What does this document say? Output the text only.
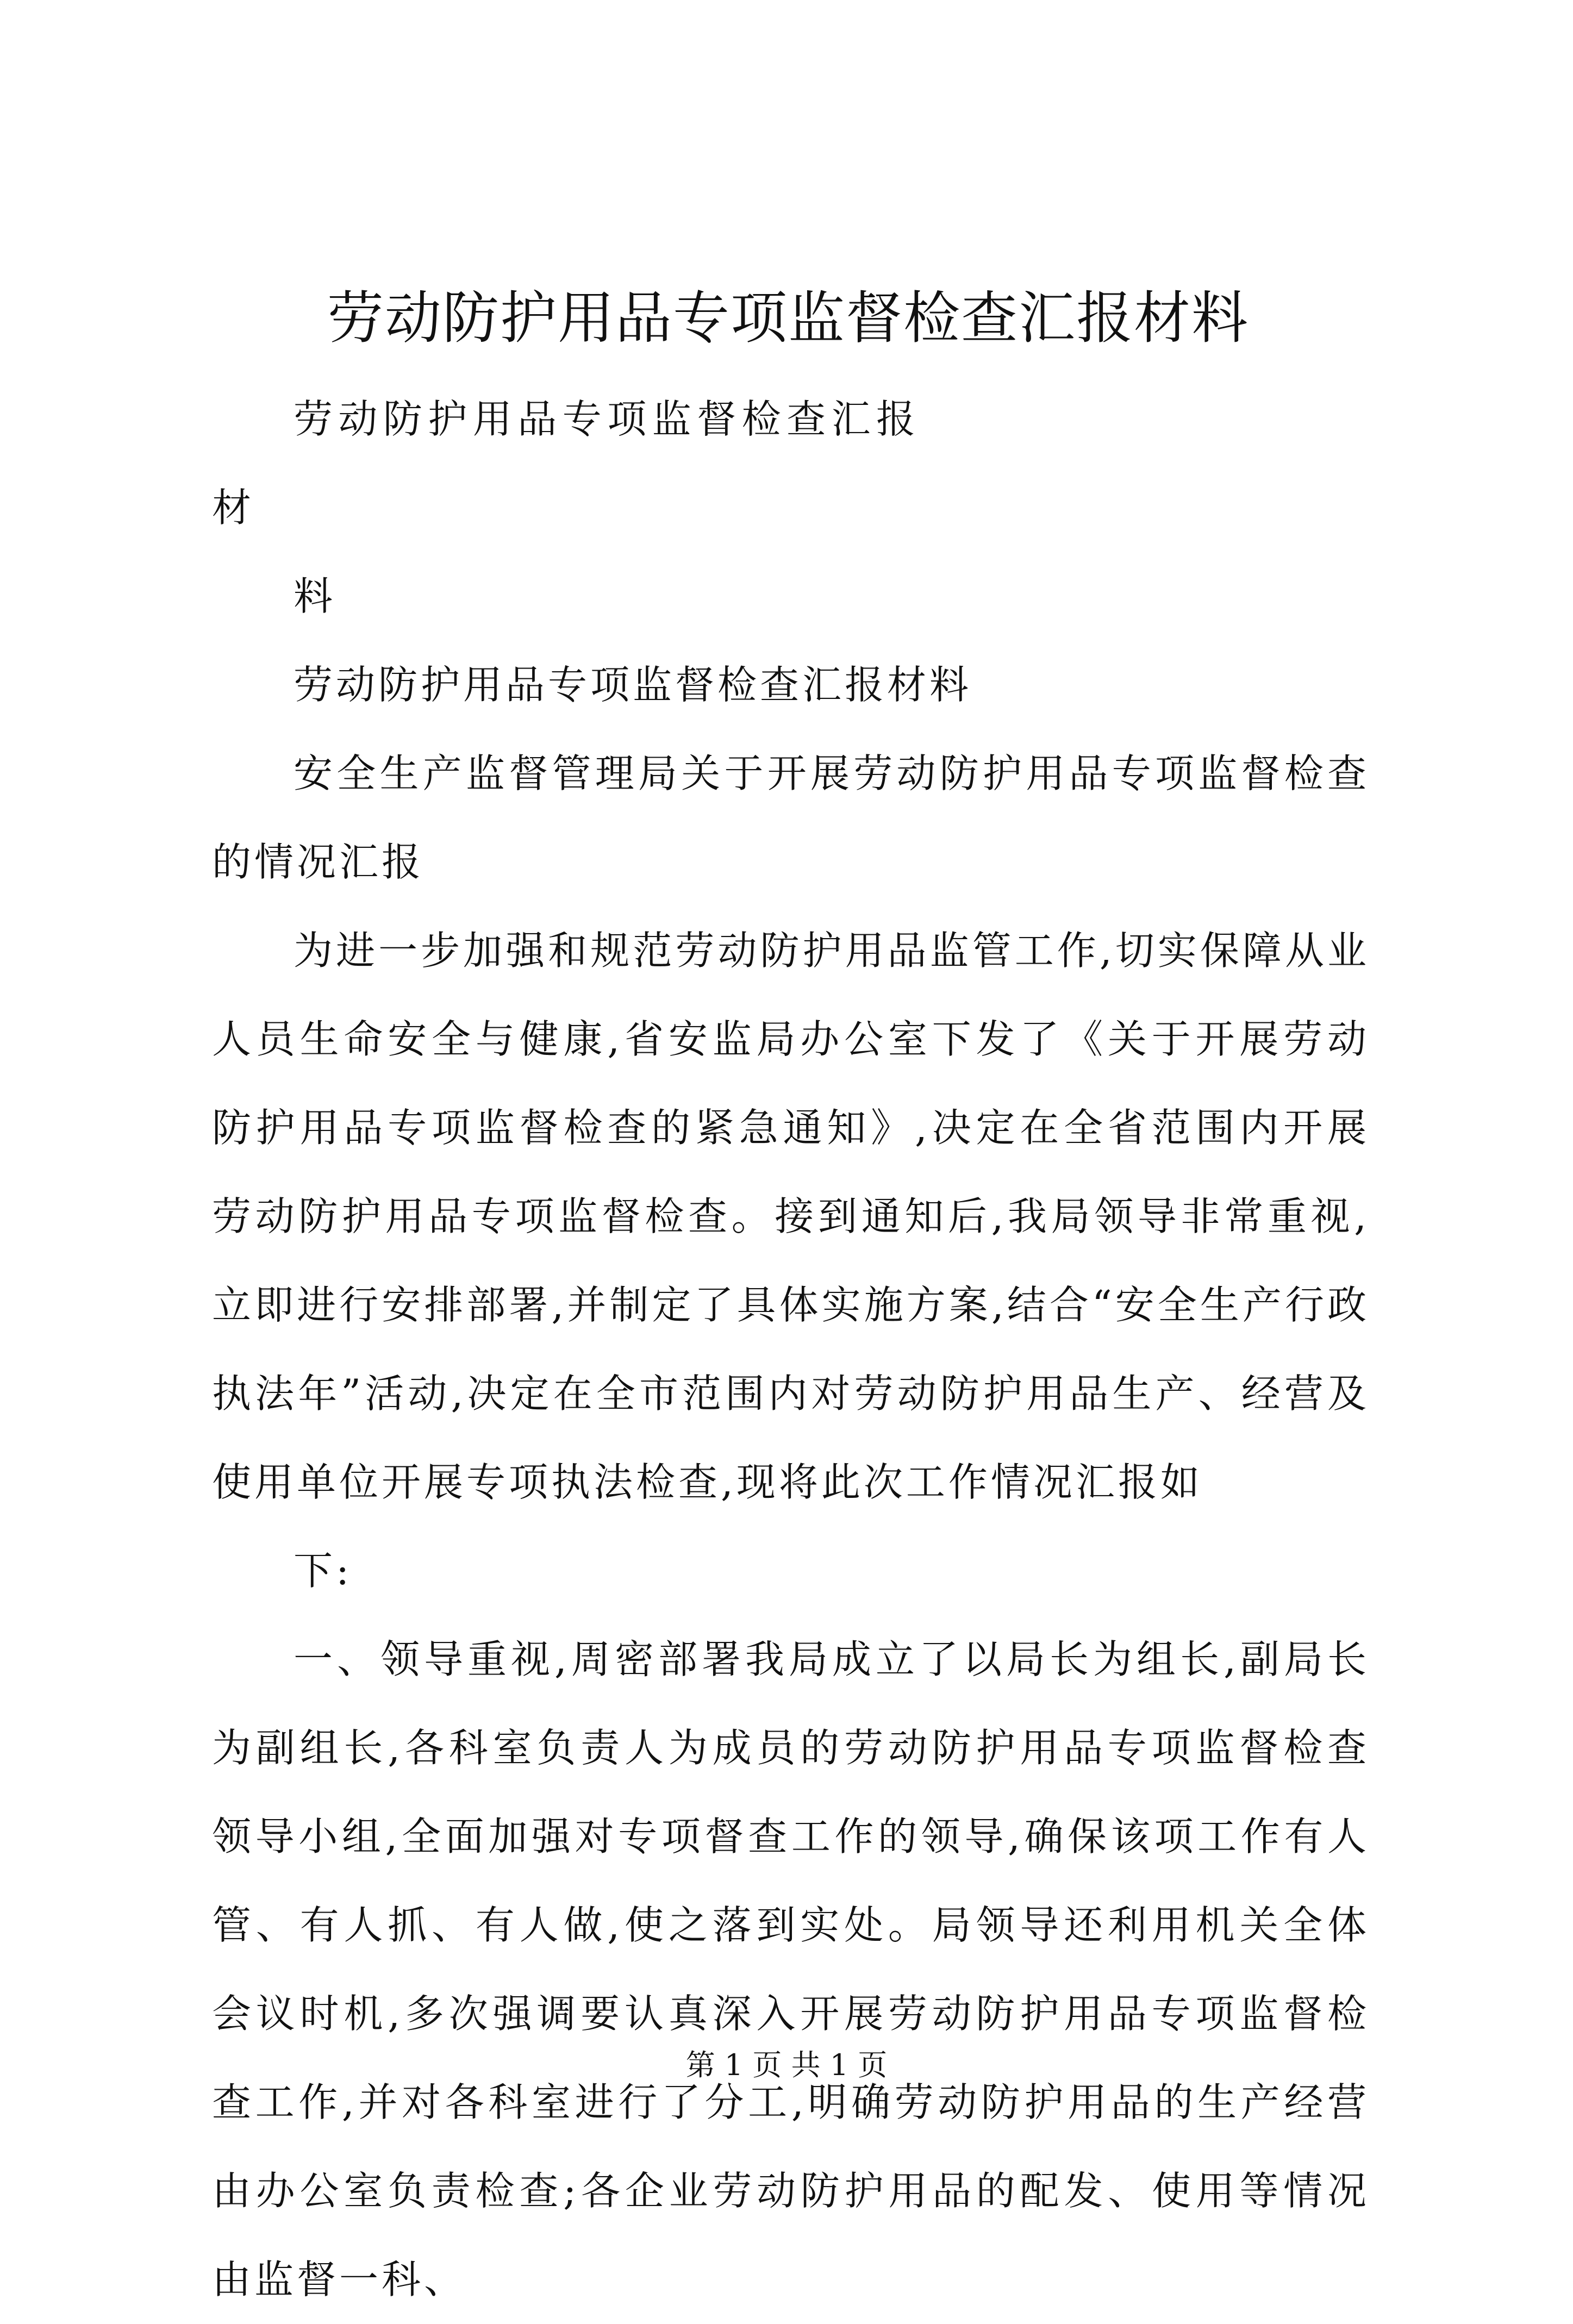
劳动防护用品专项监督检查汇报材料

劳动防护用品专项监督检查汇报材

料

劳动防护用品专项监督检查汇报材料

安全生产监督管理局关于开展劳动防护用品专项监督检查的情况汇报

为进一步加强和规范劳动防护用品监管工作,切实保障从业人员生命安全与健康,省安监局办公室下发了《关于开展劳动防护用品专项监督检查的紧急通知》,决定在全省范围内开展劳动防护用品专项监督检查。接到通知后,我局领导非常重视,立即进行安排部署,并制定了具体实施方案,结合“安全生产行政执法年”活动,决定在全市范围内对劳动防护用品生产、经营及使用单位开展专项执法检查,现将此次工作情况汇报如

下:

一、领导重视,周密部署我局成立了以局长为组长,副局长为副组长,各科室负责人为成员的劳动防护用品专项监督检查领导小组,全面加强对专项督查工作的领导,确保该项工作有人管、有人抓、有人做,使之落到实处。局领导还利用机关全体会议时机,多次强调要认真深入开展劳动防护用品专项监督检查工作,并对各科室进行了分工,明确劳动防护用品的生产经营由办公室负责检查;各企业劳动防护用品的配发、使用等情况由监督一科、

第 1 页 共 1 页
